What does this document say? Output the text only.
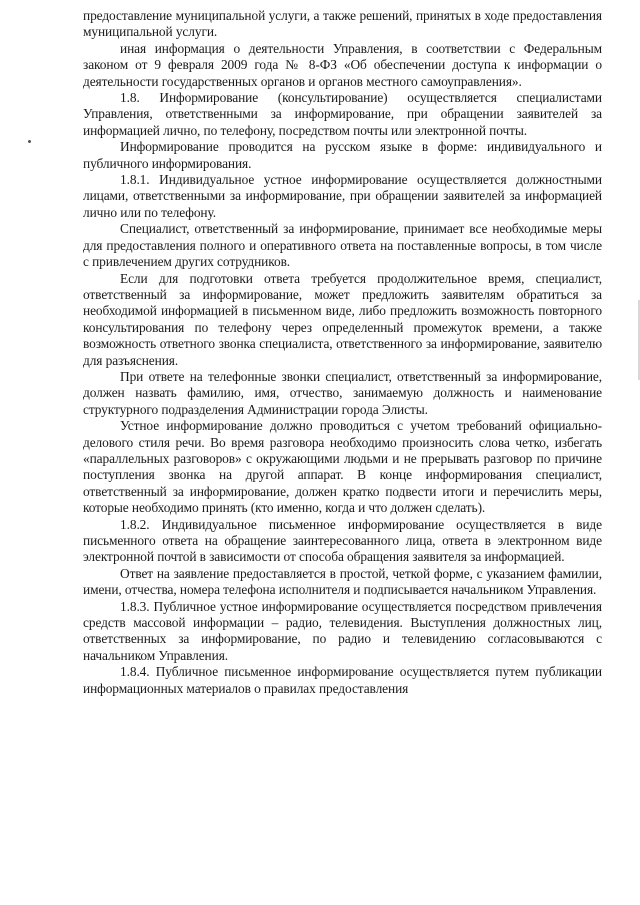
предоставление муниципальной услуги, а также решений, принятых в ходе предоставления муниципальной услуги.

иная информация о деятельности Управления, в соответствии с Федеральным законом от 9 февраля 2009 года № 8-ФЗ «Об обеспечении доступа к информации о деятельности государственных органов и органов местного самоуправления».

1.8. Информирование (консультирование) осуществляется специалистами Управления, ответственными за информирование, при обращении заявителей за информацией лично, по телефону, посредством почты или электронной почты.

Информирование проводится на русском языке в форме: индивидуального и публичного информирования.

1.8.1. Индивидуальное устное информирование осуществляется должностными лицами, ответственными за информирование, при обращении заявителей за информацией лично или по телефону.

Специалист, ответственный за информирование, принимает все необходимые меры для предоставления полного и оперативного ответа на поставленные вопросы, в том числе с привлечением других сотрудников.

Если для подготовки ответа требуется продолжительное время, специалист, ответственный за информирование, может предложить заявителям обратиться за необходимой информацией в письменном виде, либо предложить возможность повторного консультирования по телефону через определенный промежуток времени, а также возможность ответного звонка специалиста, ответственного за информирование, заявителю для разъяснения.

При ответе на телефонные звонки специалист, ответственный за информирование, должен назвать фамилию, имя, отчество, занимаемую должность и наименование структурного подразделения Администрации города Элисты.

Устное информирование должно проводиться с учетом требований официально-делового стиля речи. Во время разговора необходимо произносить слова четко, избегать «параллельных разговоров» с окружающими людьми и не прерывать разговор по причине поступления звонка на другой аппарат. В конце информирования специалист, ответственный за информирование, должен кратко подвести итоги и перечислить меры, которые необходимо принять (кто именно, когда и что должен сделать).

1.8.2. Индивидуальное письменное информирование осуществляется в виде письменного ответа на обращение заинтересованного лица, ответа в электронном виде электронной почтой в зависимости от способа обращения заявителя за информацией.

Ответ на заявление предоставляется в простой, четкой форме, с указанием фамилии, имени, отчества, номера телефона исполнителя и подписывается начальником Управления.

1.8.3. Публичное устное информирование осуществляется посредством привлечения средств массовой информации – радио, телевидения. Выступления должностных лиц, ответственных за информирование, по радио и телевидению согласовываются с начальником Управления.

1.8.4. Публичное письменное информирование осуществляется путем публикации информационных материалов о правилах предоставления
